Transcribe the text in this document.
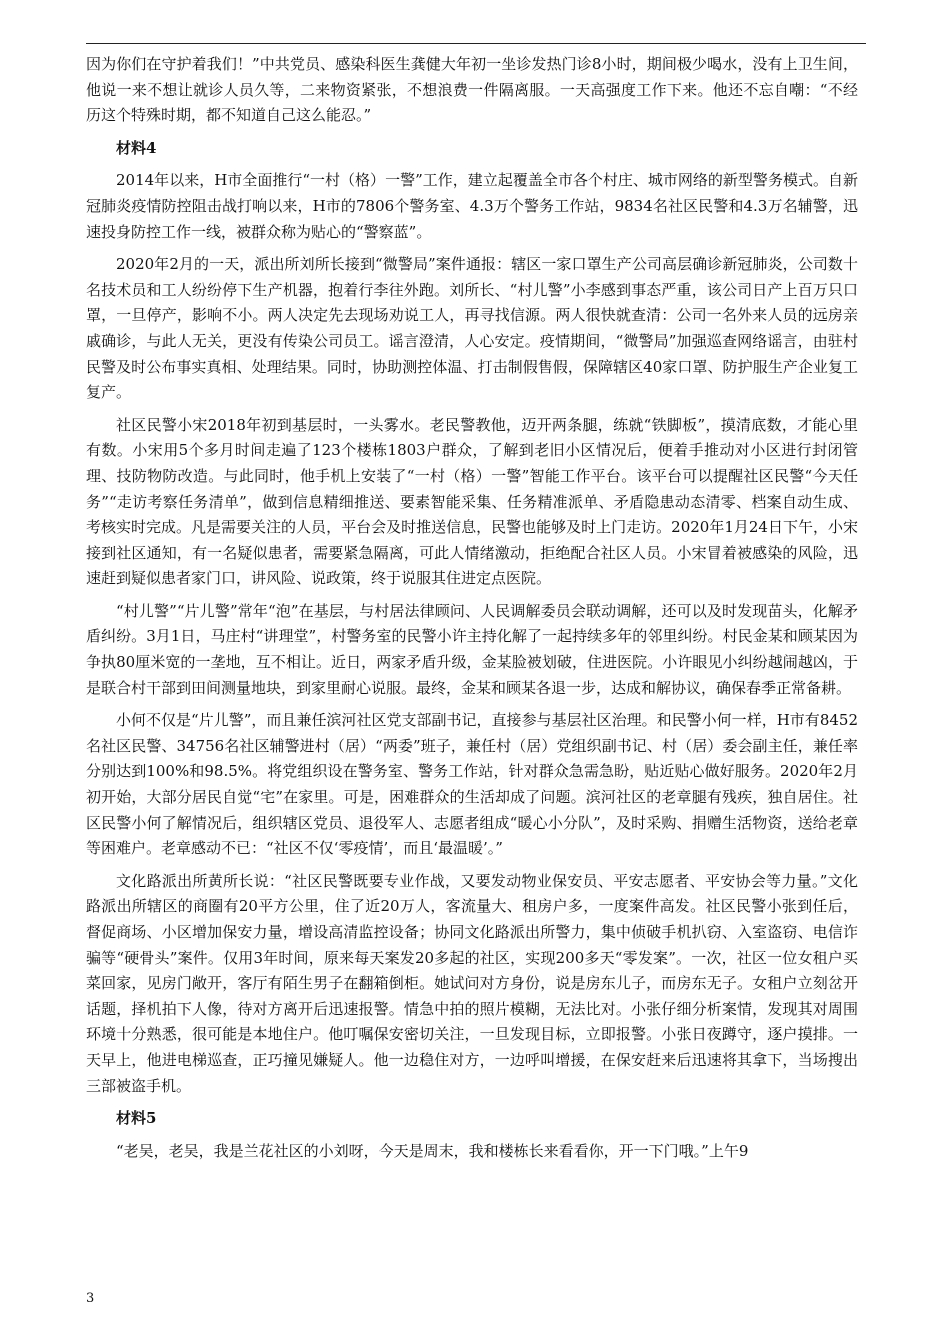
因为你们在守护着我们！”中共党员、感染科医生龚健大年初一坐诊发热门诊8小时，期间极少喝水，没有上卫生间，他说一来不想让就诊人员久等，二来物资紧张，不想浪费一件隔离服。一天高强度工作下来。他还不忘自嘲：“不经历这个特殊时期，都不知道自己这么能忍。”

材料4

2014年以来，H市全面推行“一村（格）一警”工作，建立起覆盖全市各个村庄、城市网络的新型警务模式。自新冠肺炎疫情防控阻击战打响以来，H市的7806个警务室、4.3万个警务工作站，9834名社区民警和4.3万名辅警，迅速投身防控工作一线，被群众称为贴心的“警察蓝”。

2020年2月的一天，派出所刘所长接到“微警局”案件通报：辖区一家口罩生产公司高层确诊新冠肺炎，公司数十名技术员和工人纷纷停下生产机器，抱着行李往外跑。刘所长、“村儿警”小李感到事态严重，该公司日产上百万只口罩，一旦停产，影响不小。两人决定先去现场劝说工人，再寻找信源。两人很快就查清：公司一名外来人员的远房亲戚确诊，与此人无关，更没有传染公司员工。谣言澄清，人心安定。疫情期间，“微警局”加强巡查网络谣言，由驻村民警及时公布事实真相、处理结果。同时，协助测控体温、打击制假售假，保障辖区40家口罩、防护服生产企业复工复产。

社区民警小宋2018年初到基层时，一头雾水。老民警教他，迈开两条腿，练就“铁脚板”，摸清底数，才能心里有数。小宋用5个多月时间走遍了123个楼栋1803户群众，了解到老旧小区情况后，便着手推动对小区进行封闭管理、技防物防改造。与此同时，他手机上安装了“一村（格）一警”智能工作平台。该平台可以提醒社区民警“今天任务”“走访考察任务清单”，做到信息精细推送、要素智能采集、任务精准派单、矛盾隐患动态清零、档案自动生成、考核实时完成。凡是需要关注的人员，平台会及时推送信息，民警也能够及时上门走访。2020年1月24日下午，小宋接到社区通知，有一名疑似患者，需要紧急隔离，可此人情绪激动，拒绝配合社区人员。小宋冒着被感染的风险，迅速赶到疑似患者家门口，讲风险、说政策，终于说服其住进定点医院。

“村儿警”“片儿警”常年“泡”在基层，与村居法律顾问、人民调解委员会联动调解，还可以及时发现苗头，化解矛盾纠纷。3月1日，马庄村“讲理堂”，村警务室的民警小许主持化解了一起持续多年的邻里纠纷。村民金某和顾某因为争执80厘米宽的一垄地，互不相让。近日，两家矛盾升级，金某脸被划破，住进医院。小许眼见小纠纷越闹越凶，于是联合村干部到田间测量地块，到家里耐心说服。最终，金某和顾某各退一步，达成和解协议，确保春季正常备耕。

小何不仅是“片儿警”，而且兼任滨河社区党支部副书记，直接参与基层社区治理。和民警小何一样，H市有8452名社区民警、34756名社区辅警进村（居）“两委”班子，兼任村（居）党组织副书记、村（居）委会副主任，兼任率分别达到100%和98.5%。将党组织设在警务室、警务工作站，针对群众急需急盼，贴近贴心做好服务。2020年2月初开始，大部分居民自觉“宅”在家里。可是，困难群众的生活却成了问题。滨河社区的老章腿有残疾，独自居住。社区民警小何了解情况后，组织辖区党员、退役军人、志愿者组成“暖心小分队”，及时采购、捐赠生活物资，送给老章等困难户。老章感动不已：“社区不仅‘零疫情’，而且‘最温暖’。”

文化路派出所黄所长说：“社区民警既要专业作战，又要发动物业保安员、平安志愿者、平安协会等力量。”文化路派出所辖区的商圈有20平方公里，住了近20万人，客流量大、租房户多，一度案件高发。社区民警小张到任后，督促商场、小区增加保安力量，增设高清监控设备；协同文化路派出所警力，集中侦破手机扒窃、入室盗窃、电信诈骗等“硬骨头”案件。仅用3年时间，原来每天案发20多起的社区，实现200多天“零发案”。一次，社区一位女租户买菜回家，见房门敞开，客厅有陌生男子在翻箱倒柜。她试问对方身份，说是房东儿子，而房东无子。女租户立刻岔开话题，择机拍下人像，待对方离开后迅速报警。情急中拍的照片模糊，无法比对。小张仔细分析案情，发现其对周围环境十分熟悉，很可能是本地住户。他叮嘱保安密切关注，一旦发现目标，立即报警。小张日夜蹲守，逐户摸排。一天早上，他进电梯巡查，正巧撞见嫌疑人。他一边稳住对方，一边呼叫增援，在保安赶来后迅速将其拿下，当场搜出三部被盗手机。

材料5

“老吴，老吴，我是兰花社区的小刘呀，今天是周末，我和楼栋长来看看你，开一下门哦。”上午9

3
